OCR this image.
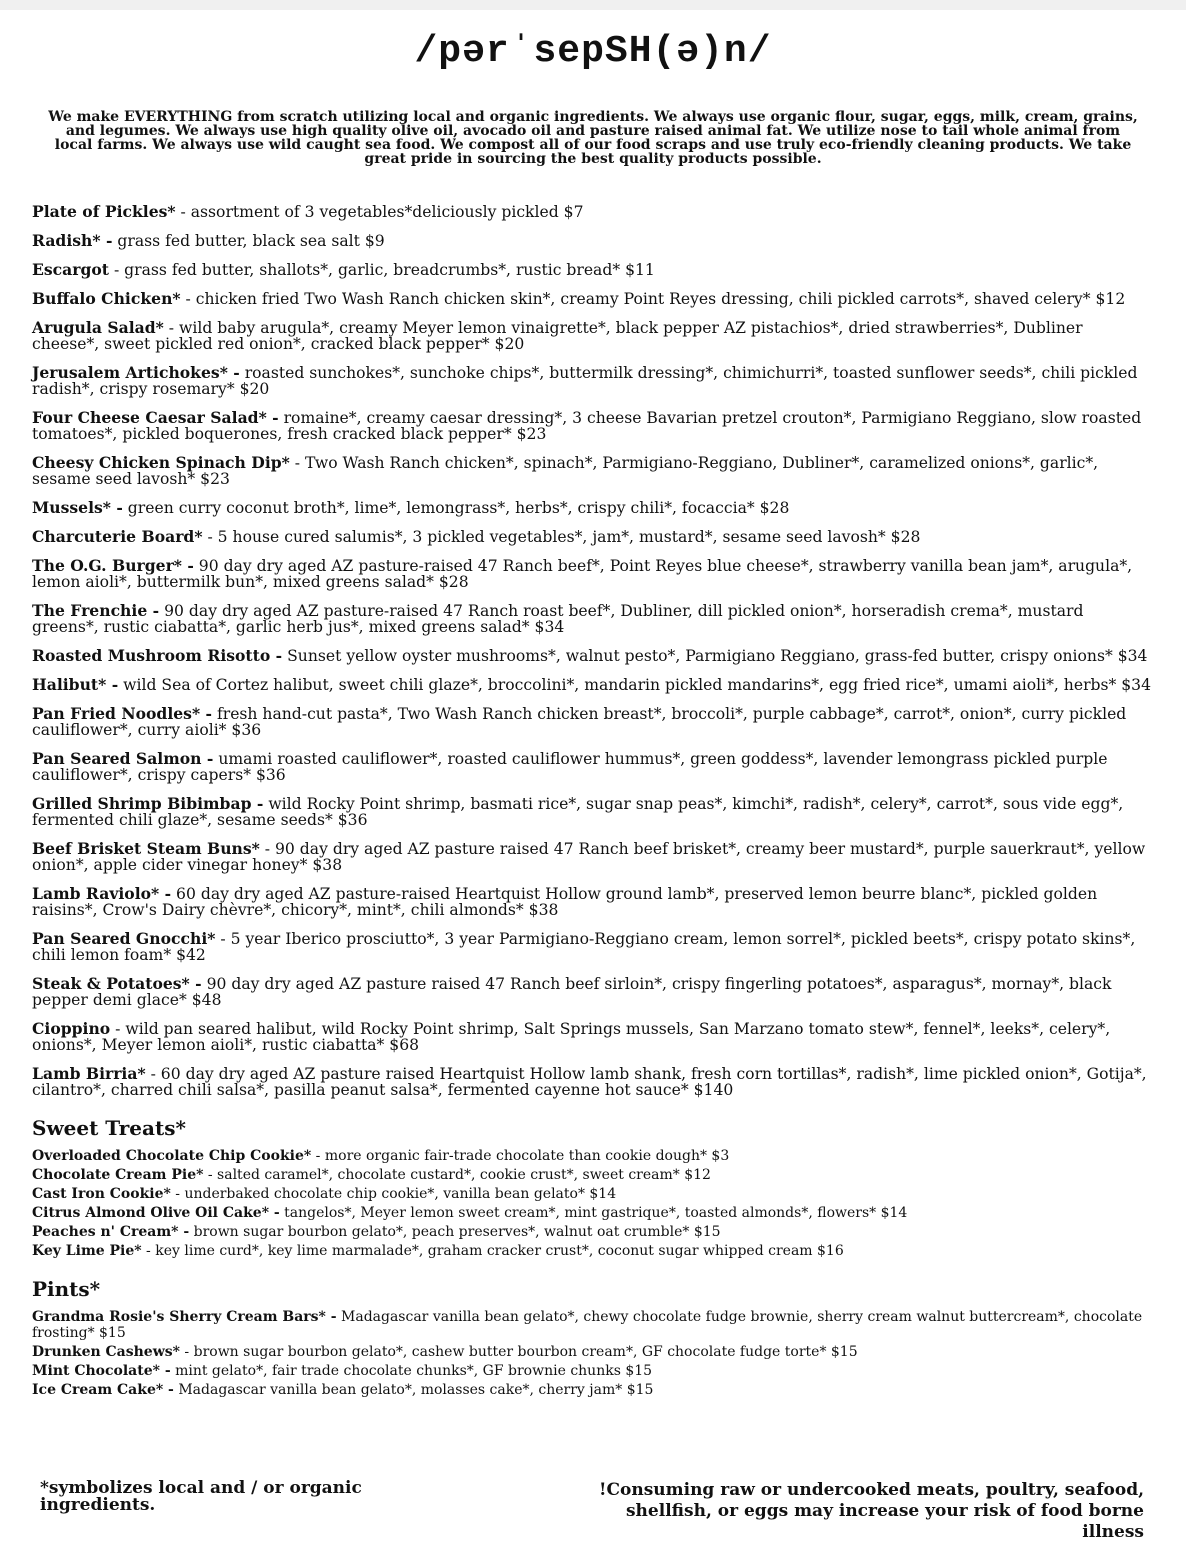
/pərˈsepSH(ə)n/
We make EVERYTHING from scratch utilizing local and organic ingredients. We always use organic flour, sugar, eggs, milk, cream, grains, and legumes. We always use high quality olive oil, avocado oil and pasture raised animal fat. We utilize nose to tail whole animal from local farms. We always use wild caught sea food. We compost all of our food scraps and use truly eco-friendly cleaning products. We take great pride in sourcing the best quality products possible.
Plate of Pickles* - assortment of 3 vegetables*deliciously pickled $7
Radish* - grass fed butter, black sea salt $9
Escargot - grass fed butter, shallots*, garlic, breadcrumbs*, rustic bread* $11
Buffalo Chicken* - chicken fried Two Wash Ranch chicken skin*, creamy Point Reyes dressing, chili pickled carrots*, shaved celery* $12
Arugula Salad* - wild baby arugula*, creamy Meyer lemon vinaigrette*, black pepper AZ pistachios*, dried strawberries*, Dubliner cheese*, sweet pickled red onion*, cracked black pepper* $20
Jerusalem Artichokes* - roasted sunchokes*, sunchoke chips*, buttermilk dressing*, chimichurri*, toasted sunflower seeds*, chili pickled radish*, crispy rosemary* $20
Four Cheese Caesar Salad* - romaine*, creamy caesar dressing*, 3 cheese Bavarian pretzel crouton*, Parmigiano Reggiano, slow roasted tomatoes*, pickled boquerones, fresh cracked black pepper* $23
Cheesy Chicken Spinach Dip* - Two Wash Ranch chicken*, spinach*, Parmigiano-Reggiano, Dubliner*, caramelized onions*, garlic*, sesame seed lavosh* $23
Mussels* - green curry coconut broth*, lime*, lemongrass*, herbs*, crispy chili*, focaccia* $28
Charcuterie Board* - 5 house cured salumis*, 3 pickled vegetables*, jam*, mustard*, sesame seed lavosh* $28
The O.G. Burger* - 90 day dry aged AZ pasture-raised 47 Ranch beef*, Point Reyes blue cheese*, strawberry vanilla bean jam*, arugula*, lemon aioli*, buttermilk bun*, mixed greens salad* $28
The Frenchie - 90 day dry aged AZ pasture-raised 47 Ranch roast beef*, Dubliner, dill pickled onion*, horseradish crema*, mustard greens*, rustic ciabatta*, garlic herb jus*, mixed greens salad* $34
Roasted Mushroom Risotto - Sunset yellow oyster mushrooms*, walnut pesto*, Parmigiano Reggiano, grass-fed butter, crispy onions* $34
Halibut* - wild Sea of Cortez halibut, sweet chili glaze*, broccolini*, mandarin pickled mandarins*, egg fried rice*, umami aioli*, herbs* $34
Pan Fried Noodles* - fresh hand-cut pasta*, Two Wash Ranch chicken breast*, broccoli*, purple cabbage*, carrot*, onion*, curry pickled cauliflower*, curry aioli* $36
Pan Seared Salmon - umami roasted cauliflower*, roasted cauliflower hummus*, green goddess*, lavender lemongrass pickled purple cauliflower*, crispy capers* $36
Grilled Shrimp Bibimbap - wild Rocky Point shrimp, basmati rice*, sugar snap peas*, kimchi*, radish*, celery*, carrot*, sous vide egg*, fermented chili glaze*, sesame seeds* $36
Beef Brisket Steam Buns* - 90 day dry aged AZ pasture raised 47 Ranch beef brisket*, creamy beer mustard*, purple sauerkraut*, yellow onion*, apple cider vinegar honey* $38
Lamb Raviolo* - 60 day dry aged AZ pasture-raised Heartquist Hollow ground lamb*, preserved lemon beurre blanc*, pickled golden raisins*, Crow's Dairy chèvre*, chicory*, mint*, chili almonds* $38
Pan Seared Gnocchi* - 5 year Iberico prosciutto*, 3 year Parmigiano-Reggiano cream, lemon sorrel*, pickled beets*, crispy potato skins*, chili lemon foam* $42
Steak & Potatoes* - 90 day dry aged AZ pasture raised 47 Ranch beef sirloin*, crispy fingerling potatoes*, asparagus*, mornay*, black pepper demi glace* $48
Cioppino - wild pan seared halibut, wild Rocky Point shrimp, Salt Springs mussels, San Marzano tomato stew*, fennel*, leeks*, celery*, onions*, Meyer lemon aioli*, rustic ciabatta* $68
Lamb Birria* - 60 day dry aged AZ pasture raised Heartquist Hollow lamb shank, fresh corn tortillas*, radish*, lime pickled onion*, Gotija*, cilantro*, charred chili salsa*, pasilla peanut salsa*, fermented cayenne hot sauce* $140
Sweet Treats*
Overloaded Chocolate Chip Cookie* - more organic fair-trade chocolate than cookie dough* $3
Chocolate Cream Pie* - salted caramel*, chocolate custard*, cookie crust*, sweet cream* $12
Cast Iron Cookie* - underbaked chocolate chip cookie*, vanilla bean gelato* $14
Citrus Almond Olive Oil Cake* - tangelos*, Meyer lemon sweet cream*, mint gastrique*, toasted almonds*, flowers* $14
Peaches n' Cream* - brown sugar bourbon gelato*, peach preserves*, walnut oat crumble* $15
Key Lime Pie* - key lime curd*, key lime marmalade*, graham cracker crust*, coconut sugar whipped cream $16
Pints*
Grandma Rosie's Sherry Cream Bars* - Madagascar vanilla bean gelato*, chewy chocolate fudge brownie, sherry cream walnut buttercream*, chocolate frosting* $15
Drunken Cashews* - brown sugar bourbon gelato*, cashew butter bourbon cream*, GF chocolate fudge torte* $15
Mint Chocolate* - mint gelato*, fair trade chocolate chunks*, GF brownie chunks $15
Ice Cream Cake* - Madagascar vanilla bean gelato*, molasses cake*, cherry jam* $15
*symbolizes local and / or organic ingredients.
!Consuming raw or undercooked meats, poultry, seafood, shellfish, or eggs may increase your risk of food borne illness
